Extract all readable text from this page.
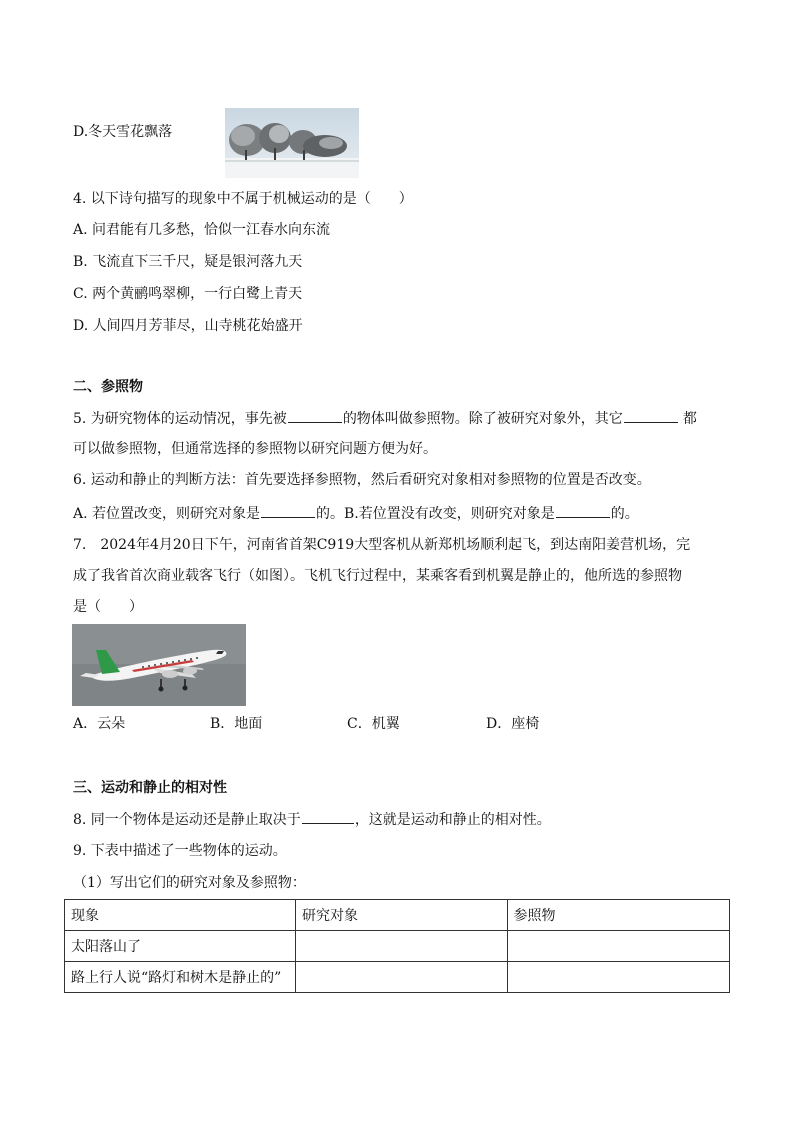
D.冬天雪花飘落
4. 以下诗句描写的现象中不属于机械运动的是（　　）
A. 问君能有几多愁，恰似一江春水向东流
B. 飞流直下三千尺，疑是银河落九天
C. 两个黄鹂鸣翠柳，一行白鹭上青天
D. 人间四月芳菲尽，山寺桃花始盛开
二、参照物
5. 为研究物体的运动情况，事先被	的物体叫做参照物。除了被研究对象外，其它	都
可以做参照物，但通常选择的参照物以研究问题方便为好。
6. 运动和静止的判断方法：首先要选择参照物，然后看研究对象相对参照物的位置是否改变。
A. 若位置改变，则研究对象是	的。B.若位置没有改变，则研究对象是	的。
7.　2024年4月20日下午，河南省首架C919大型客机从新郑机场顺利起飞，到达南阳姜营机场，完
成了我省首次商业载客飞行（如图）。飞机飞行过程中，某乘客看到机翼是静止的，他所选的参照物
是（　　）
A．云朵	B．地面	C．机翼	D．座椅
三、运动和静止的相对性
8. 同一个物体是运动还是静止取决于	，这就是运动和静止的相对性。
9. 下表中描述了一些物体的运动。
（1）写出它们的研究对象及参照物：
现象	研究对象	参照物
太阳落山了		
路上行人说“路灯和树木是静止的”		
